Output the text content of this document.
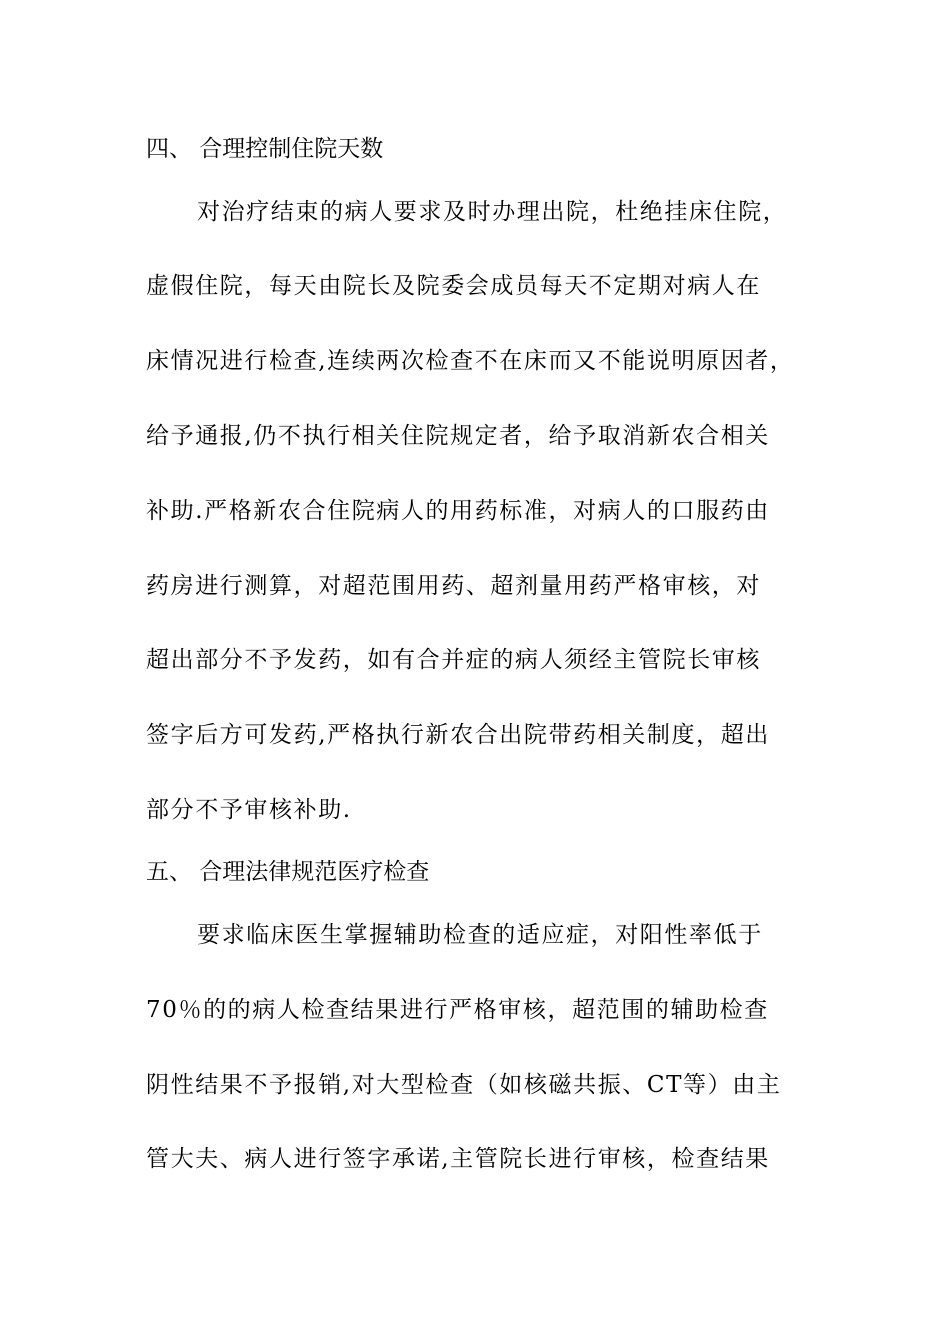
四、 合理控制住院天数
对治疗结束的病人要求及时办理出院，杜绝挂床住院，
虚假住院，每天由院长及院委会成员每天不定期对病人在
床情况进行检查,连续两次检查不在床而又不能说明原因者，
给予通报,仍不执行相关住院规定者，给予取消新农合相关
补助.严格新农合住院病人的用药标准，对病人的口服药由
药房进行测算，对超范围用药、超剂量用药严格审核，对
超出部分不予发药，如有合并症的病人须经主管院长审核
签字后方可发药,严格执行新农合出院带药相关制度，超出
部分不予审核补助.
五、 合理法律规范医疗检查
要求临床医生掌握辅助检查的适应症，对阳性率低于
70％的的病人检查结果进行严格审核，超范围的辅助检查
阴性结果不予报销,对大型检查（如核磁共振、CT等）由主
管大夫、病人进行签字承诺,主管院长进行审核，检查结果
